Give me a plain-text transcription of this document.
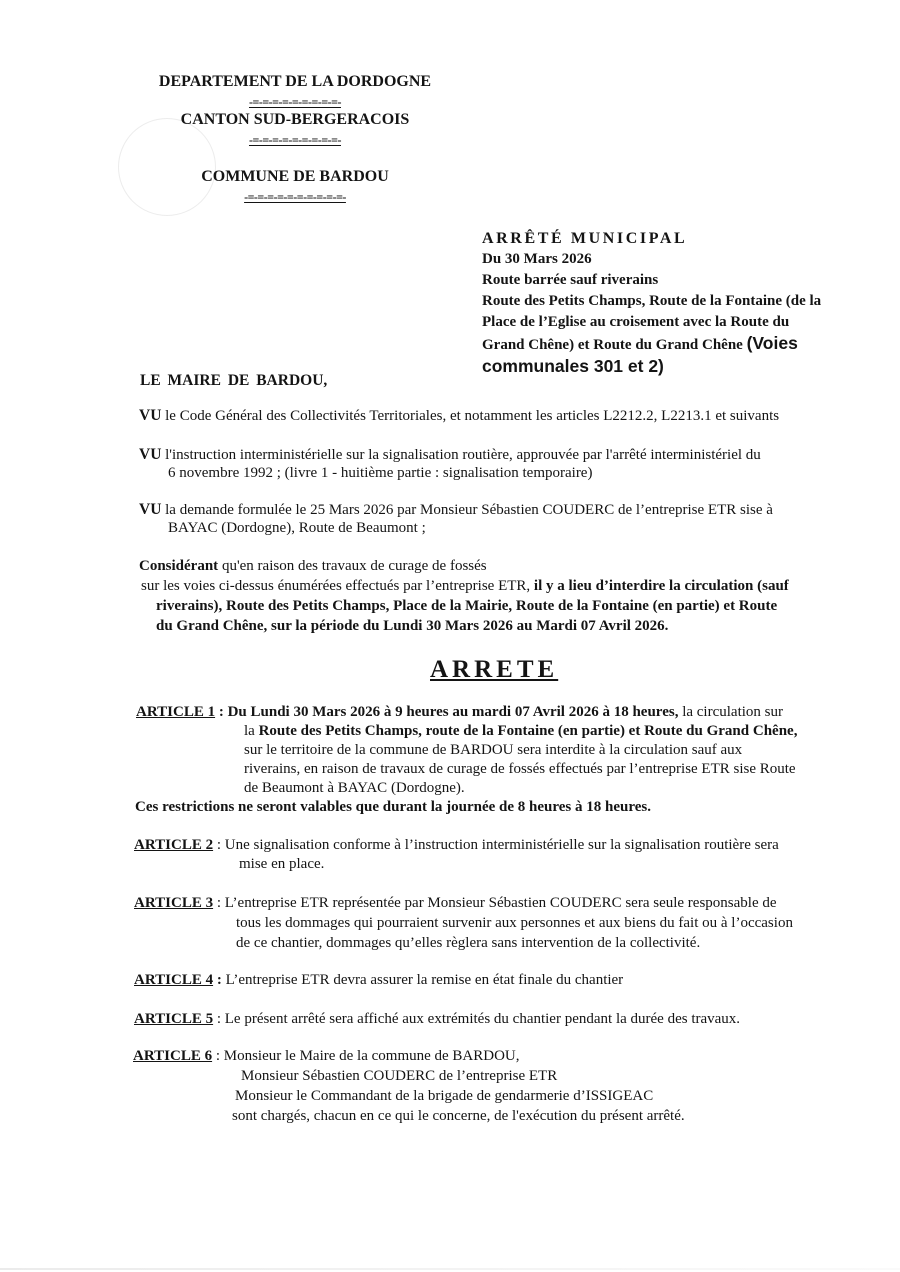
DEPARTEMENT DE LA DORDOGNE
-=-=-=-=-=-=-=-=-=-
CANTON SUD-BERGERACOIS
-=-=-=-=-=-=-=-=-=-
COMMUNE DE BARDOU
-=-=-=-=-=-=-=-=-=-=-
ARRÊTÉ MUNICIPAL
Du 30 Mars 2026
Route barrée sauf riverains
Route des Petits Champs, Route de la Fontaine (de la
Place de l’Eglise au croisement avec la Route du
Grand Chêne) et Route du Grand Chêne (Voies
communales 301 et 2)
LE MAIRE DE BARDOU,
VU le Code Général des Collectivités Territoriales, et notamment les articles L2212.2, L2213.1 et suivants
VU l'instruction interministérielle sur la signalisation routière, approuvée par l'arrêté interministériel du
6 novembre 1992 ; (livre 1 - huitième partie : signalisation temporaire)
VU la demande formulée le 25 Mars 2026 par Monsieur Sébastien COUDERC de l’entreprise ETR sise à
BAYAC (Dordogne), Route de Beaumont ;
Considérant qu'en raison des travaux de curage de fossés
sur les voies ci-dessus énumérées effectués par l’entreprise ETR, il y a lieu d’interdire la circulation (sauf
riverains), Route des Petits Champs, Place de la Mairie, Route de la Fontaine (en partie) et Route
du Grand Chêne, sur la période du Lundi 30 Mars 2026 au Mardi 07 Avril 2026.
ARRETE
ARTICLE 1 : Du Lundi 30 Mars 2026 à 9 heures au mardi 07 Avril 2026 à 18 heures, la circulation sur
la Route des Petits Champs, route de la Fontaine (en partie) et Route du Grand Chêne,
sur le territoire de la commune de BARDOU sera interdite à la circulation sauf aux
riverains, en raison de travaux de curage de fossés effectués par l’entreprise ETR sise Route
de Beaumont à BAYAC (Dordogne).
Ces restrictions ne seront valables que durant la journée de 8 heures à 18 heures.
ARTICLE 2 : Une signalisation conforme à l’instruction interministérielle sur la signalisation routière sera
mise en place.
ARTICLE 3 : L’entreprise ETR représentée par Monsieur Sébastien COUDERC sera seule responsable de
tous les dommages qui pourraient survenir aux personnes et aux biens du fait ou à l’occasion
de ce chantier, dommages qu’elles règlera sans intervention de la collectivité.
ARTICLE 4 : L’entreprise ETR devra assurer la remise en état finale du chantier
ARTICLE 5 : Le présent arrêté sera affiché aux extrémités du chantier pendant la durée des travaux.
ARTICLE 6 : Monsieur le Maire de la commune de BARDOU,
Monsieur Sébastien COUDERC de l’entreprise ETR
Monsieur le Commandant de la brigade de gendarmerie d’ISSIGEAC
sont chargés, chacun en ce qui le concerne, de l'exécution du présent arrêté.
